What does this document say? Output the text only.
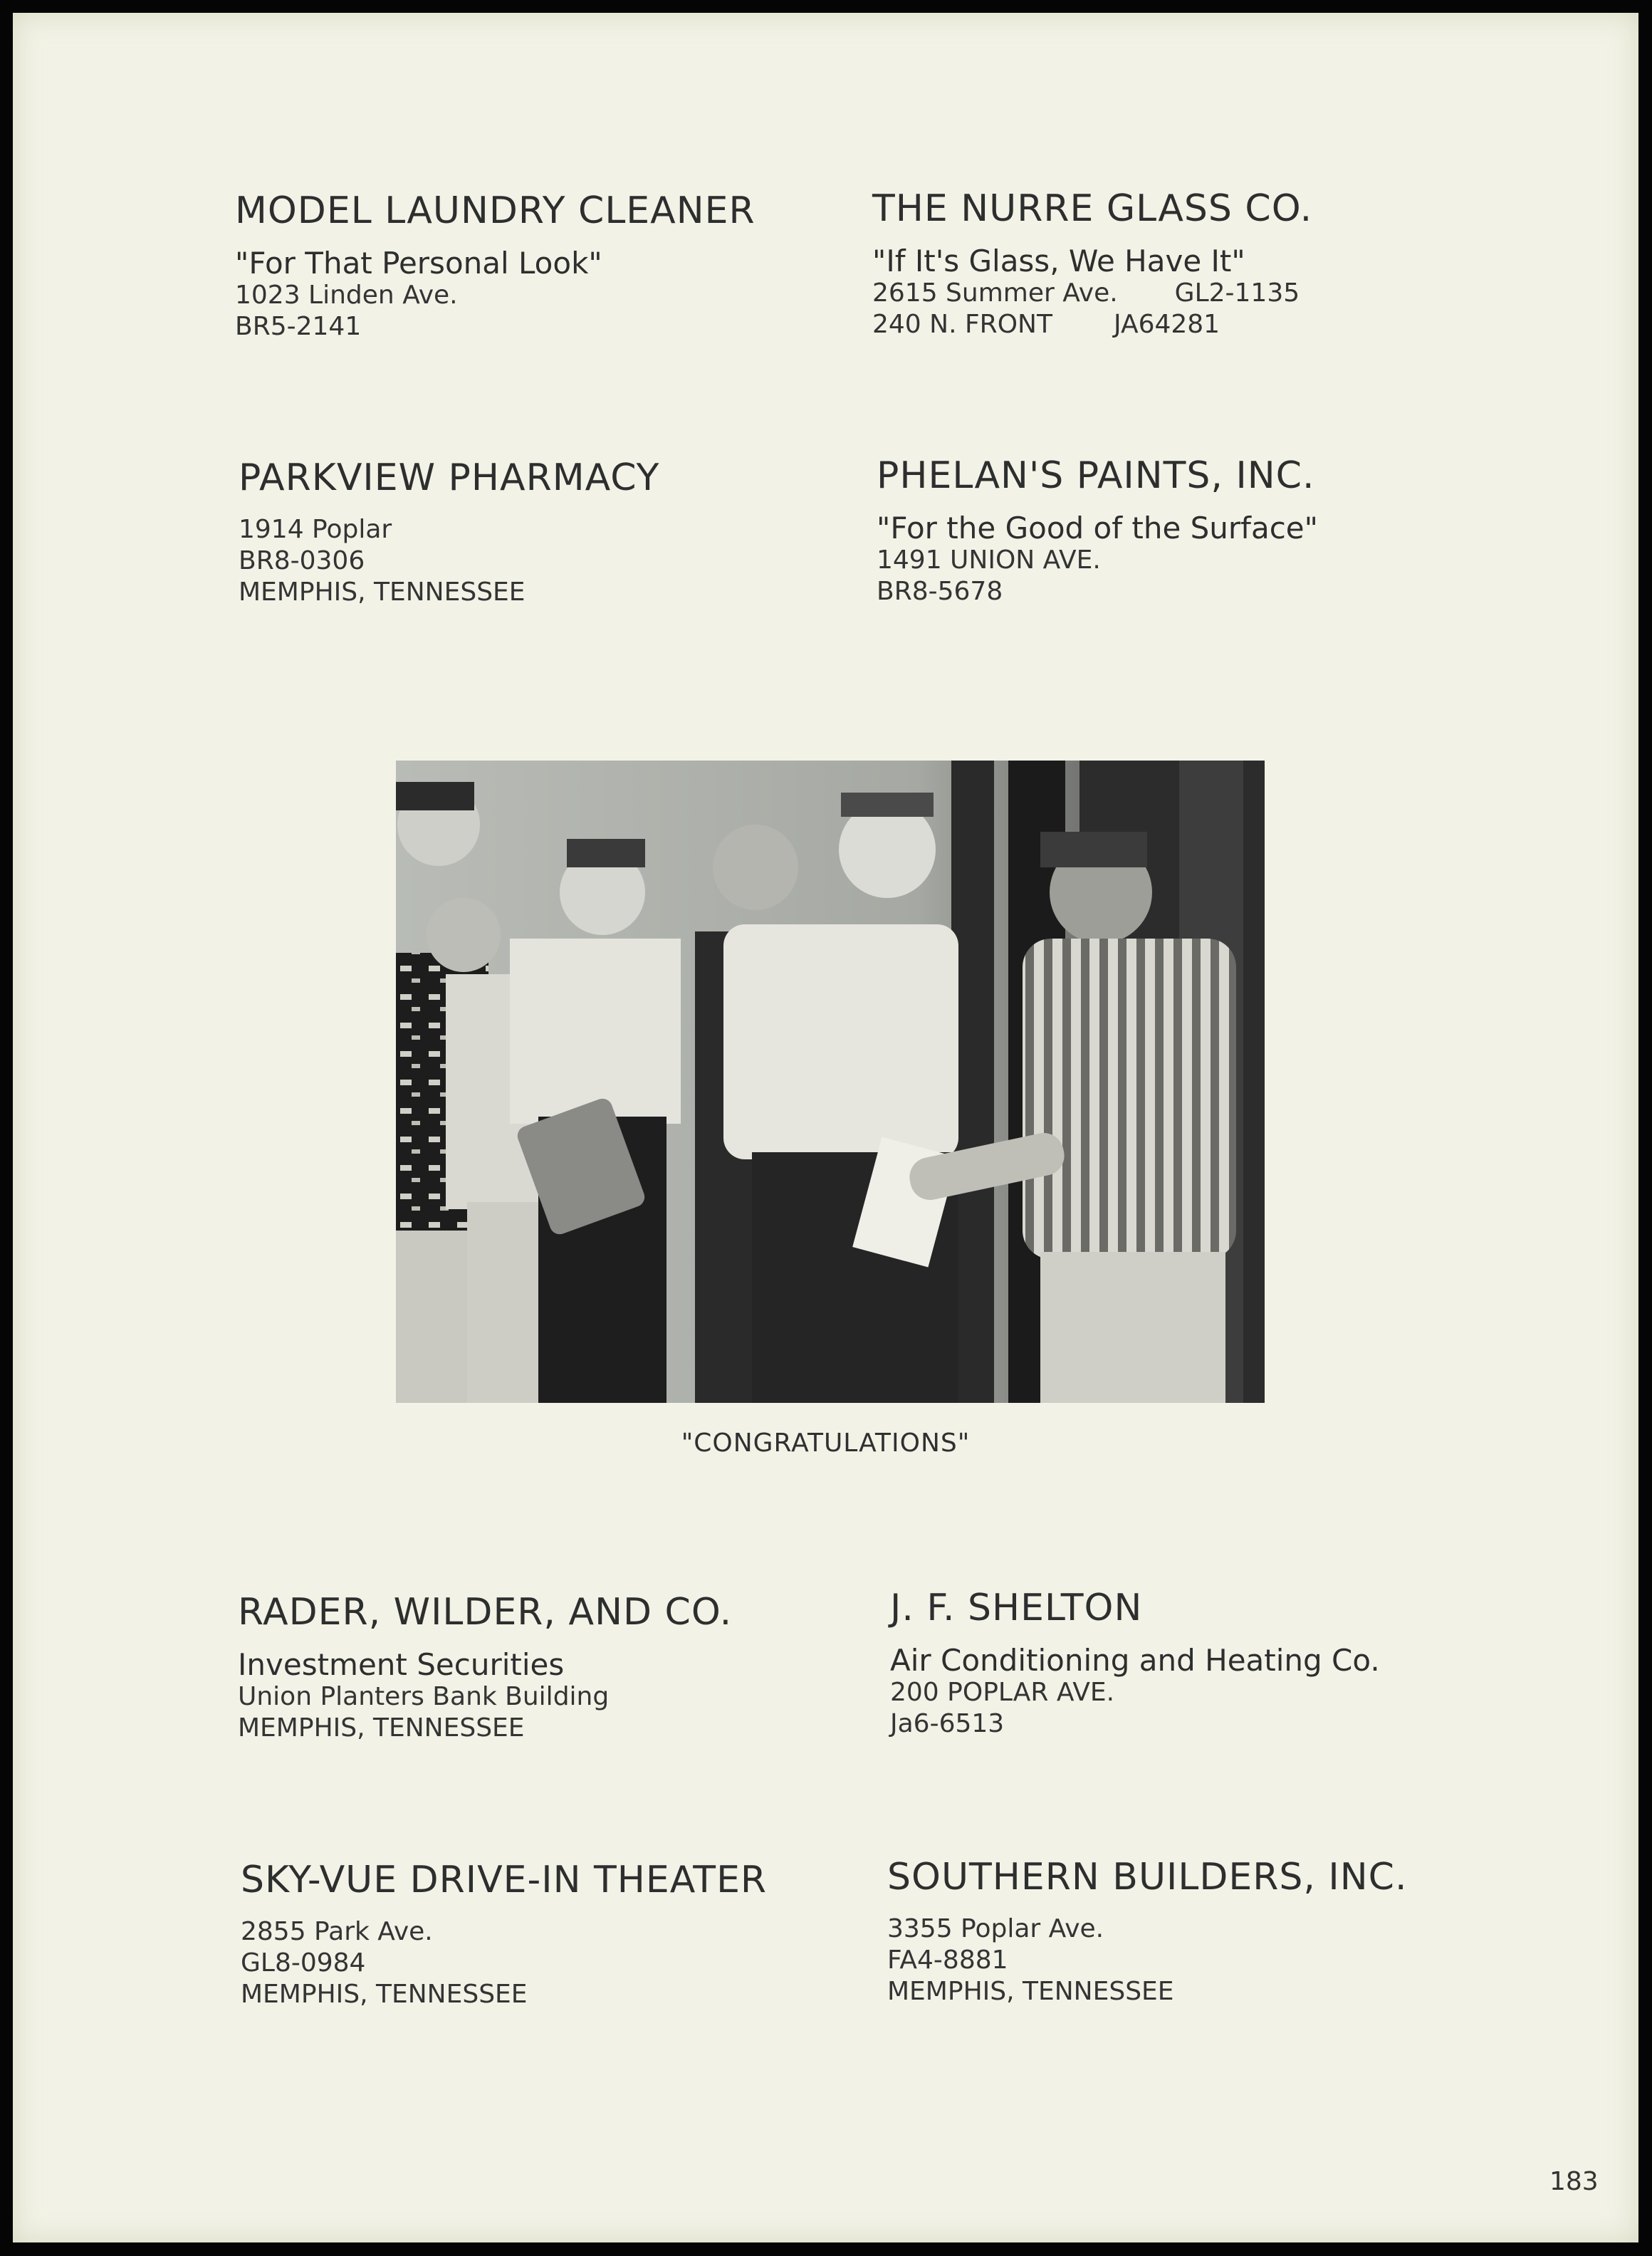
MODEL LAUNDRY CLEANER
"For That Personal Look"
1023 Linden Ave.
BR5-2141
THE NURRE GLASS CO.
"If It's Glass, We Have It"
2615 Summer Ave. GL2-1135
240 N. FRONT JA64281
PARKVIEW PHARMACY
1914 Poplar
BR8-0306
MEMPHIS, TENNESSEE
PHELAN'S PAINTS, INC.
"For the Good of the Surface"
1491 UNION AVE.
BR8-5678
"CONGRATULATIONS"
RADER, WILDER, AND CO.
Investment Securities
Union Planters Bank Building
MEMPHIS, TENNESSEE
J. F. SHELTON
Air Conditioning and Heating Co.
200 POPLAR AVE.
Ja6-6513
SKY-VUE DRIVE-IN THEATER
2855 Park Ave.
GL8-0984
MEMPHIS, TENNESSEE
SOUTHERN BUILDERS, INC.
3355 Poplar Ave.
FA4-8881
MEMPHIS, TENNESSEE
183
